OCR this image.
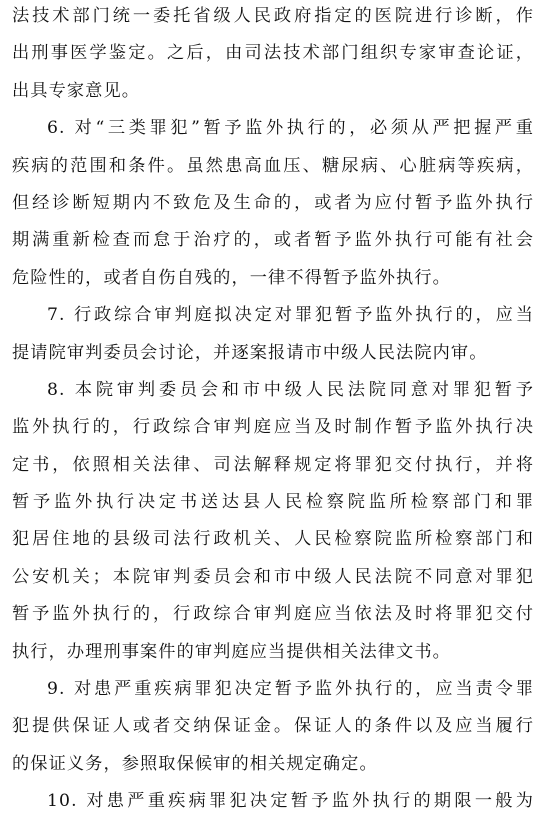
法技术部门统一委托省级人民政府指定的医院进行诊断，作
出刑事医学鉴定。之后，由司法技术部门组织专家审查论证，
出具专家意见。
6. 对“三类罪犯”暂予监外执行的，必须从严把握严重
疾病的范围和条件。虽然患高血压、糖尿病、心脏病等疾病，
但经诊断短期内不致危及生命的，或者为应付暂予监外执行
期满重新检查而怠于治疗的，或者暂予监外执行可能有社会
危险性的，或者自伤自残的，一律不得暂予监外执行。
7. 行政综合审判庭拟决定对罪犯暂予监外执行的，应当
提请院审判委员会讨论，并逐案报请市中级人民法院内审。
8. 本院审判委员会和市中级人民法院同意对罪犯暂予
监外执行的，行政综合审判庭应当及时制作暂予监外执行决
定书，依照相关法律、司法解释规定将罪犯交付执行，并将
暂予监外执行决定书送达县人民检察院监所检察部门和罪
犯居住地的县级司法行政机关、人民检察院监所检察部门和
公安机关；本院审判委员会和市中级人民法院不同意对罪犯
暂予监外执行的，行政综合审判庭应当依法及时将罪犯交付
执行，办理刑事案件的审判庭应当提供相关法律文书。
9. 对患严重疾病罪犯决定暂予监外执行的，应当责令罪
犯提供保证人或者交纳保证金。保证人的条件以及应当履行
的保证义务，参照取保候审的相关规定确定。
10. 对患严重疾病罪犯决定暂予监外执行的期限一般为
